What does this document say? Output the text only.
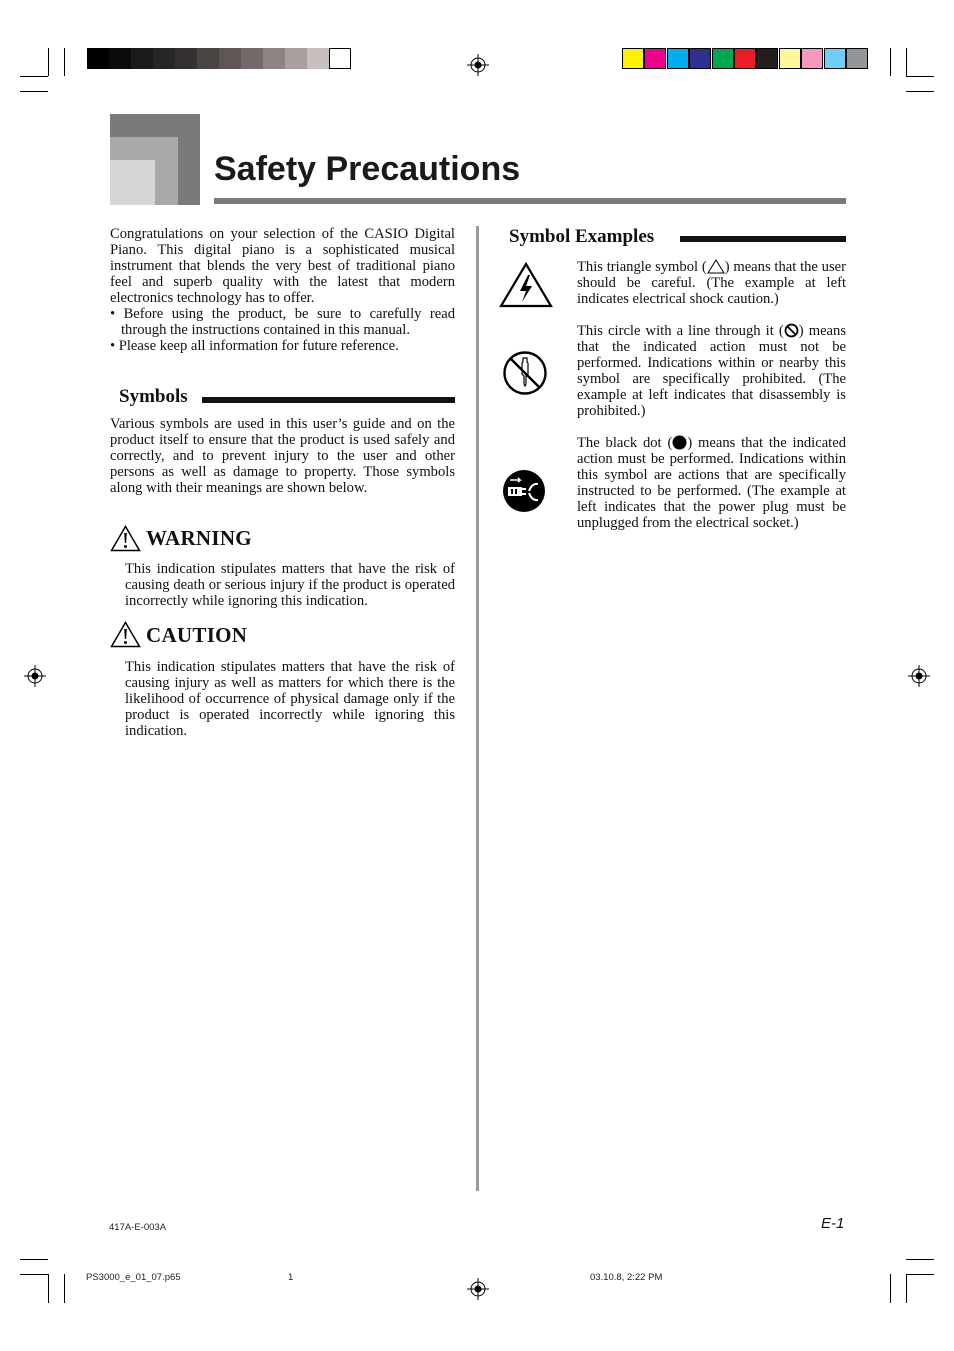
Safety Precautions

Congratulations on your selection of the CASIO Digital Piano. This digital piano is a sophisticated musical instrument that blends the very best of traditional piano feel and superb quality with the latest that modern electronics technology has to offer.

• Before using the product, be sure to carefully read through the instructions contained in this manual.
• Please keep all information for future reference.
Symbols

Various symbols are used in this user’s guide and on the product itself to ensure that the product is used safely and correctly, and to prevent injury to the user and other persons as well as damage to property. Those symbols along with their meanings are shown below.

WARNING

This indication stipulates matters that have the risk of causing death or serious injury if the product is operated incorrectly while ignoring this indication.

CAUTION

This indication stipulates matters that have the risk of causing injury as well as matters for which there is the likelihood of occurrence of physical damage only if the product is operated incorrectly while ignoring this indication.

Symbol Examples

This triangle symbol ( ) means that the user should be careful. (The example at left indicates electrical shock caution.)

This circle with a line through it ( ) means that the indicated action must not be performed. Indications within or nearby this symbol are specifically prohibited. (The example at left indicates that disassembly is prohibited.)

The black dot ( ) means that the indicated action must be performed. Indications within this symbol are actions that are specifically instructed to be performed. (The example at left indicates that the power plug must be unplugged from the electrical socket.)

417A-E-003A	E-1
PS3000_e_01_07.p65	1	03.10.8, 2:22 PM
